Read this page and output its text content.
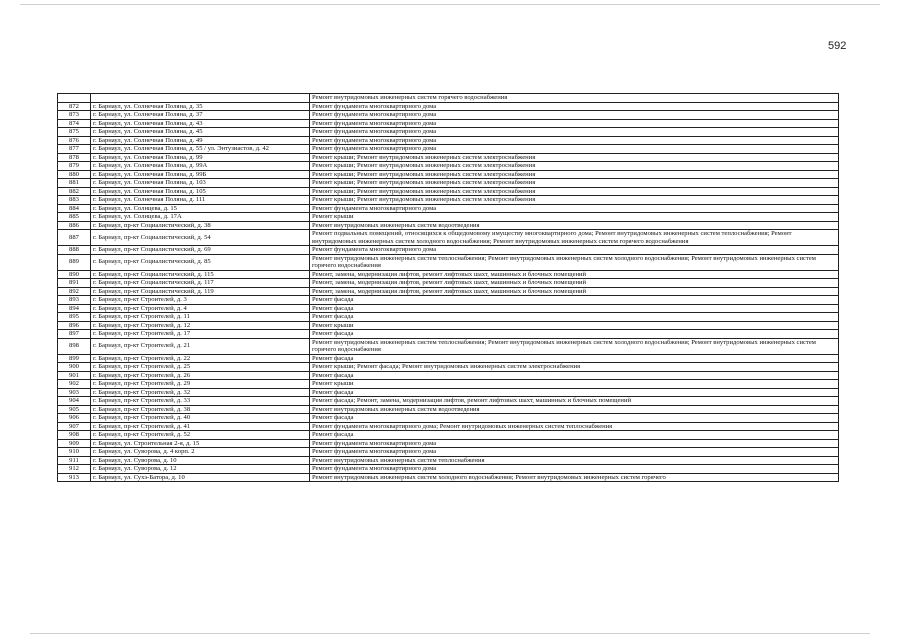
592
		Ремонт внутридомовых инженерных систем горячего водоснабжения
872	г. Барнаул, ул. Солнечная Поляна, д. 35	Ремонт фундамента многоквартирного дома
873	г. Барнаул, ул. Солнечная Поляна, д. 37	Ремонт фундамента многоквартирного дома
874	г. Барнаул, ул. Солнечная Поляна, д. 43	Ремонт фундамента многоквартирного дома
875	г. Барнаул, ул. Солнечная Поляна, д. 45	Ремонт фундамента многоквартирного дома
876	г. Барнаул, ул. Солнечная Поляна, д. 49	Ремонт фундамента многоквартирного дома
877	г. Барнаул, ул. Солнечная Поляна, д. 55 / ул. Энтузиастов, д. 42	Ремонт фундамента многоквартирного дома
878	г. Барнаул, ул. Солнечная Поляна, д. 99	Ремонт крыши; Ремонт внутридомовых инженерных систем электроснабжения
879	г. Барнаул, ул. Солнечная Поляна, д. 99А	Ремонт крыши; Ремонт внутридомовых инженерных систем электроснабжения
880	г. Барнаул, ул. Солнечная Поляна, д. 99Б	Ремонт крыши; Ремонт внутридомовых инженерных систем электроснабжения
881	г. Барнаул, ул. Солнечная Поляна, д. 103	Ремонт крыши; Ремонт внутридомовых инженерных систем электроснабжения
882	г. Барнаул, ул. Солнечная Поляна, д. 105	Ремонт крыши; Ремонт внутридомовых инженерных систем электроснабжения
883	г. Барнаул, ул. Солнечная Поляна, д. 111	Ремонт крыши; Ремонт внутридомовых инженерных систем электроснабжения
884	г. Барнаул, ул. Солнцева, д. 15	Ремонт фундамента многоквартирного дома
885	г. Барнаул, ул. Солнцева, д. 17А	Ремонт крыши
886	г. Барнаул, пр-кт Социалистический, д. 38	Ремонт внутридомовых инженерных систем водоотведения
887	г. Барнаул, пр-кт Социалистический, д. 54	Ремонт подвальных помещений, относящихся к общедомовому имуществу многоквартирного дома; Ремонт внутридомовых инженерных систем теплоснабжения; Ремонт внутридомовых инженерных систем холодного водоснабжения; Ремонт внутридомовых инженерных систем горячего водоснабжения
888	г. Барнаул, пр-кт Социалистический, д. 69	Ремонт фундамента многоквартирного дома
889	г. Барнаул, пр-кт Социалистический, д. 85	Ремонт внутридомовых инженерных систем теплоснабжения; Ремонт внутридомовых инженерных систем холодного водоснабжения; Ремонт внутридомовых инженерных систем горячего водоснабжения
890	г. Барнаул, пр-кт Социалистический, д. 115	Ремонт, замена, модернизация лифтов, ремонт лифтовых шахт, машинных и блочных помещений
891	г. Барнаул, пр-кт Социалистический, д. 117	Ремонт, замена, модернизация лифтов, ремонт лифтовых шахт, машинных и блочных помещений
892	г. Барнаул, пр-кт Социалистический, д. 119	Ремонт, замена, модернизация лифтов, ремонт лифтовых шахт, машинных и блочных помещений
893	г. Барнаул, пр-кт Строителей, д. 3	Ремонт фасада
894	г. Барнаул, пр-кт Строителей, д. 4	Ремонт фасада
895	г. Барнаул, пр-кт Строителей, д. 11	Ремонт фасада
896	г. Барнаул, пр-кт Строителей, д. 12	Ремонт крыши
897	г. Барнаул, пр-кт Строителей, д. 17	Ремонт фасада
898	г. Барнаул, пр-кт Строителей, д. 21	Ремонт внутридомовых инженерных систем теплоснабжения; Ремонт внутридомовых инженерных систем холодного водоснабжения; Ремонт внутридомовых инженерных систем горячего водоснабжения
899	г. Барнаул, пр-кт Строителей, д. 22	Ремонт фасада
900	г. Барнаул, пр-кт Строителей, д. 25	Ремонт крыши; Ремонт фасада; Ремонт внутридомовых инженерных систем электроснабжения
901	г. Барнаул, пр-кт Строителей, д. 26	Ремонт фасада
902	г. Барнаул, пр-кт Строителей, д. 29	Ремонт крыши
903	г. Барнаул, пр-кт Строителей, д. 32	Ремонт фасада
904	г. Барнаул, пр-кт Строителей, д. 33	Ремонт фасада; Ремонт, замена, модернизация лифтов, ремонт лифтовых шахт, машинных и блочных помещений
905	г. Барнаул, пр-кт Строителей, д. 38	Ремонт внутридомовых инженерных систем водоотведения
906	г. Барнаул, пр-кт Строителей, д. 40	Ремонт фасада
907	г. Барнаул, пр-кт Строителей, д. 41	Ремонт фундамента многоквартирного дома; Ремонт внутридомовых инженерных систем теплоснабжения
908	г. Барнаул, пр-кт Строителей, д. 52	Ремонт фасада
909	г. Барнаул, ул. Строительная 2-я, д. 15	Ремонт фундамента многоквартирного дома
910	г. Барнаул, ул. Суворова, д. 4 корп. 2	Ремонт фундамента многоквартирного дома
911	г. Барнаул, ул. Суворова, д. 10	Ремонт внутридомовых инженерных систем теплоснабжения
912	г. Барнаул, ул. Суворова, д. 12	Ремонт фундамента многоквартирного дома
913	г. Барнаул, ул. Сухэ-Батора, д. 10	Ремонт внутридомовых инженерных систем холодного водоснабжения; Ремонт внутридомовых инженерных систем горячего
